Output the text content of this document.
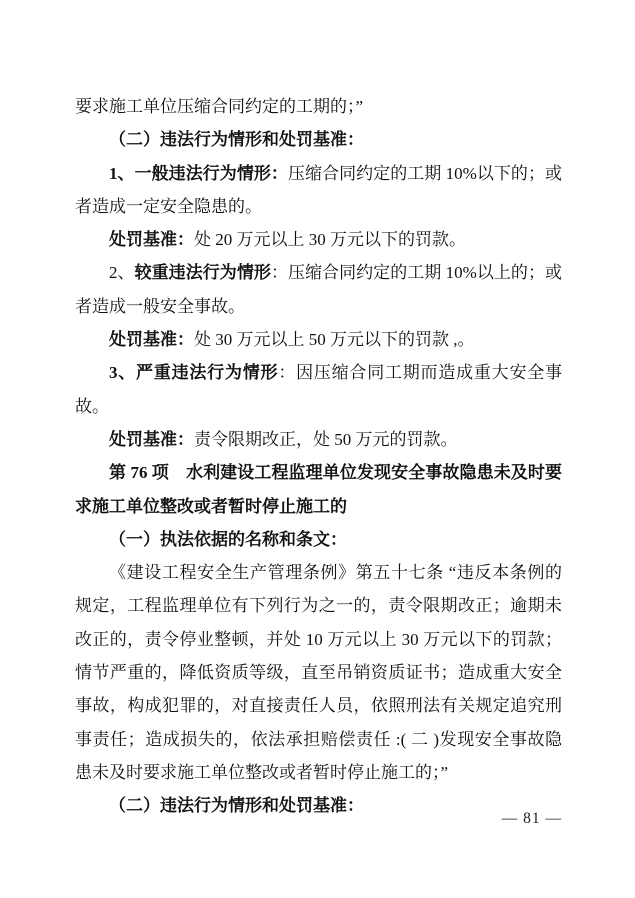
要求施工单位压缩合同约定的工期的；”

（二）违法行为情形和处罚基准：

1、一般违法行为情形：压缩合同约定的工期 10%以下的；或者造成一定安全隐患的。

处罚基准：处 20 万元以上 30 万元以下的罚款。

2、较重违法行为情形：压缩合同约定的工期 10%以上的；或者造成一般安全事故。

处罚基准：处 30 万元以上 50 万元以下的罚款 ,。

3、严重违法行为情形：因压缩合同工期而造成重大安全事故。

处罚基准：责令限期改正，处 50 万元的罚款。

第 76 项　水利建设工程监理单位发现安全事故隐患未及时要求施工单位整改或者暂时停止施工的

（一）执法依据的名称和条文：

《建设工程安全生产管理条例》第五十七条 “违反本条例的规定，工程监理单位有下列行为之一的，责令限期改正；逾期未改正的，责令停业整顿，并处 10 万元以上 30 万元以下的罚款；情节严重的，降低资质等级，直至吊销资质证书；造成重大安全事故，构成犯罪的，对直接责任人员，依照刑法有关规定追究刑事责任；造成损失的，依法承担赔偿责任 :( 二 )发现安全事故隐患未及时要求施工单位整改或者暂时停止施工的；”

（二）违法行为情形和处罚基准：

— 81 —
